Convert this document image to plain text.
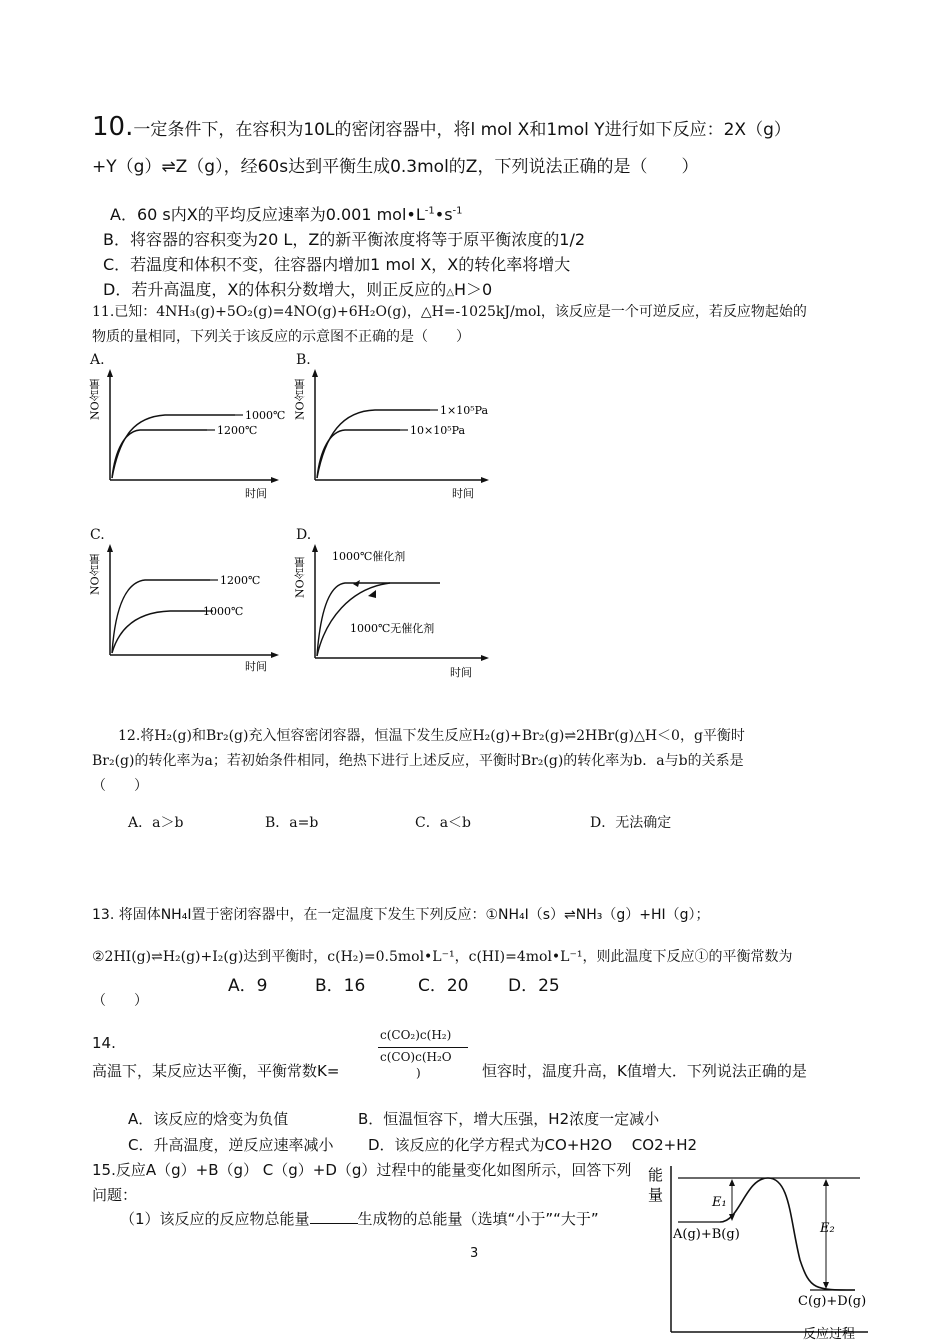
10.一定条件下，在容积为10L的密闭容器中，将l mol X和1mol Y进行如下反应：2X（g）
+Y（g）⇌Z（g），经60s达到平衡生成0.3mol的Z，下列说法正确的是（　　）
A．60 s内X的平均反应速率为0.001 $mol•L^{-1}•s^{-1}$
B．将容器的容积变为20 L，Z的新平衡浓度将等于原平衡浓度的1/2
C．若温度和体积不变，往容器内增加1 mol X，X的转化率将增大
D．若升高温度，X的体积分数增大，则正反应的△H＞0
11.已知：4NH₃(g)+5O₂(g)=4NO(g)+6H₂O(g)，△H=-1025kJ/mol，该反应是一个可逆反应，若反应物起始的
物质的量相同，下列关于该反应的示意图不正确的是（　　）
A.
1000℃
1200℃
NO含量
时间
B.
1×10⁵Pa
10×10⁵Pa
NO含量
时间
C.
1200℃
1000℃
NO含量
时间
D.
1000℃催化剂
1000℃无催化剂
NO含量
时间
12.将H₂(g)和Br₂(g)充入恒容密闭容器，恒温下发生反应H₂(g)+Br₂(g)⇌2HBr(g)△H＜0，g平衡时
Br₂(g)的转化率为a；若初始条件相同，绝热下进行上述反应，平衡时Br₂(g)的转化率为b．a与b的关系是
（　　）
A．a＞b	B．a=b	C．a＜b	D．无法确定
13. 将固体NH₄I置于密闭容器中，在一定温度下发生下列反应：①NH₄I（s）⇌NH₃（g）+HI（g）；
②2HI(g)⇌H₂(g)+I₂(g)达到平衡时，c(H₂)=0.5mol•L⁻¹，c(HI)=4mol•L⁻¹，则此温度下反应①的平衡常数为
（　　）
A．9	B．16	C．20 D．25
14.
高温下，某反应达平衡，平衡常数K=
c(CO₂)c(H₂)
c(CO)c(H₂O
)	恒容时，温度升高，K值增大．下列说法正确的是
A．该反应的焓变为负值	B．恒温恒容下，增大压强，H2浓度一定减小
C．升高温度，逆反应速率减小 D．该反应的化学方程式为CO+H2O　 CO2+H2
15.反应A（g）+B（g） C（g）+D（g）过程中的能量变化如图所示，回答下列
问题：
（1）该反应的反应物总能量	生成物的总能量（选填“小于”“大于”
能
量	E₁
E₂
A(g)+B(g)
C(g)+D(g)
反应过程
3
